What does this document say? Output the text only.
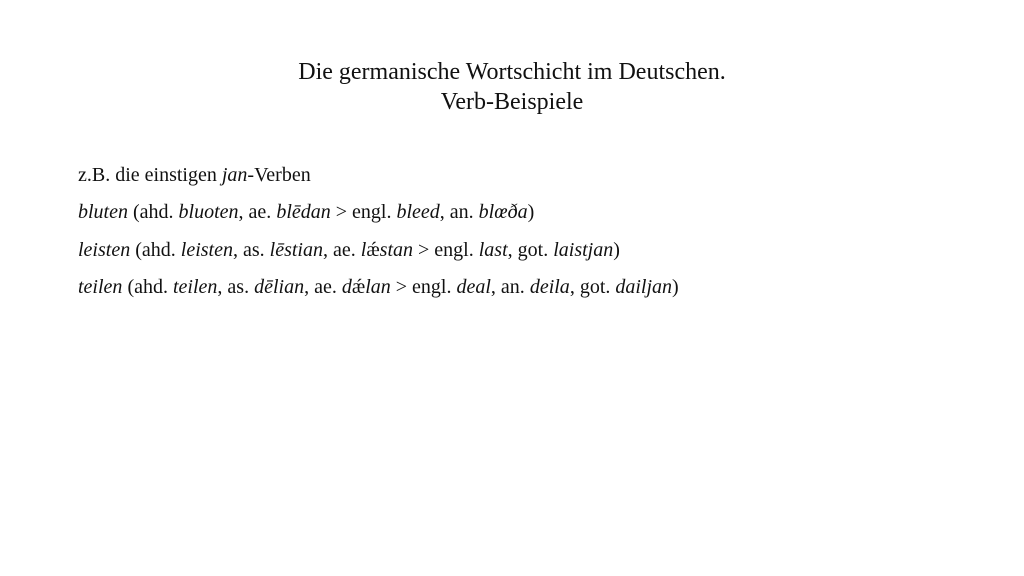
Die germanische Wortschicht im Deutschen.
Verb-Beispiele
z.B. die einstigen jan-Verben
bluten (ahd. bluoten, ae. blēdan > engl. bleed, an. blœða)
leisten (ahd. leisten, as. lēstian, ae. lǽstan > engl. last, got. laistjan)
teilen (ahd. teilen, as. dēlian, ae. dǽlan > engl. deal, an. deila, got. dailjan)
